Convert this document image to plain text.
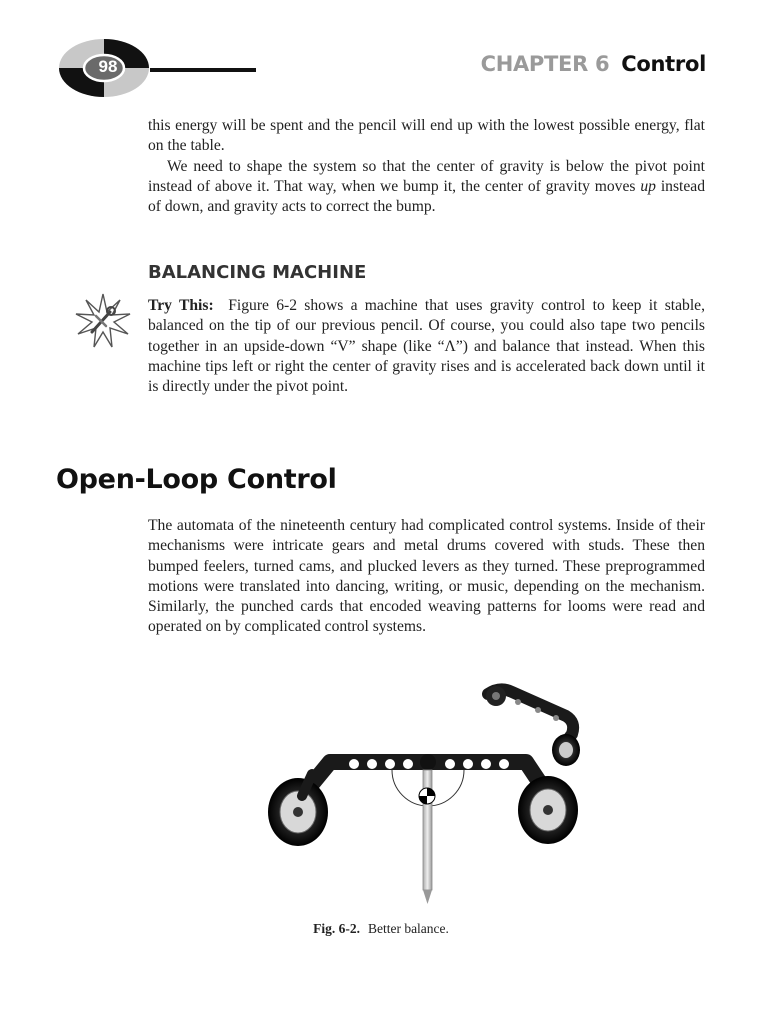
98	CHAPTER 6 Control

this energy will be spent and the pencil will end up with the lowest possible energy, flat on the table.

We need to shape the system so that the center of gravity is below the pivot point instead of above it. That way, when we bump it, the center of gravity moves up instead of down, and gravity acts to correct the bump.

BALANCING MACHINE

Try This: Figure 6-2 shows a machine that uses gravity control to keep it stable, balanced on the tip of our previous pencil. Of course, you could also tape two pencils together in an upside-down “V” shape (like “Λ”) and balance that instead. When this machine tips left or right the center of gravity rises and is accelerated back down until it is directly under the pivot point.

Open-Loop Control

The automata of the nineteenth century had complicated control systems. Inside of their mechanisms were intricate gears and metal drums covered with studs. These then bumped feelers, turned cams, and plucked levers as they turned. These preprogrammed motions were translated into dancing, writing, or music, depending on the mechanism. Similarly, the punched cards that encoded weaving patterns for looms were read and operated on by complicated control systems.

Fig. 6-2. Better balance.
